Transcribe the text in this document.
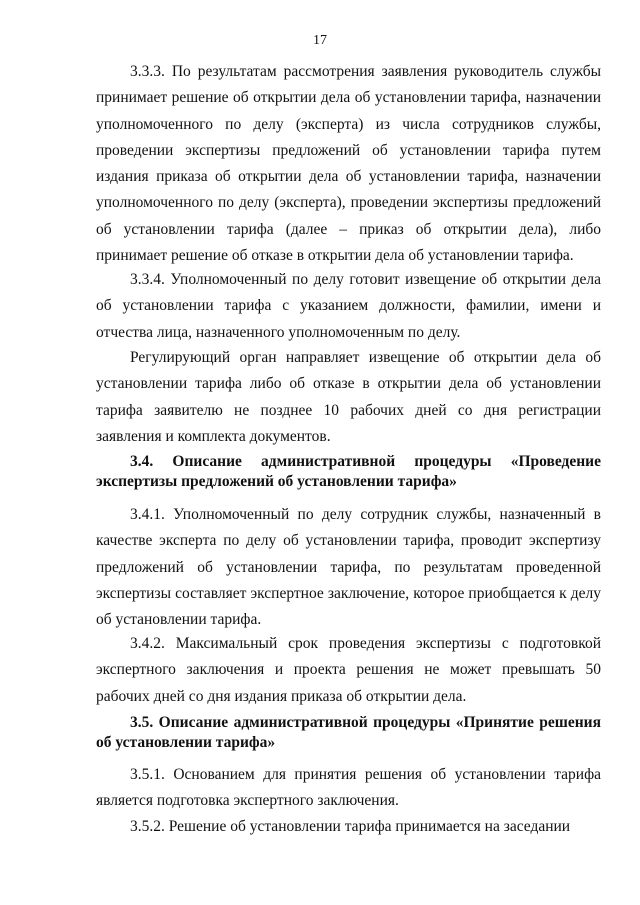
17

3.3.3. По результатам рассмотрения заявления руководитель службы принимает решение об открытии дела об установлении тарифа, назначении уполномоченного по делу (эксперта) из числа сотрудников службы, проведении экспертизы предложений об установлении тарифа путем издания приказа об открытии дела об установлении тарифа, назначении уполномоченного по делу (эксперта), проведении экспертизы предложений об установлении тарифа (далее – приказ об открытии дела), либо принимает решение об отказе в открытии дела об установлении тарифа.

3.3.4. Уполномоченный по делу готовит извещение об открытии дела об установлении тарифа с указанием должности, фамилии, имени и отчества лица, назначенного уполномоченным по делу.

Регулирующий орган направляет извещение об открытии дела об установлении тарифа либо об отказе в открытии дела об установлении тарифа заявителю не позднее 10 рабочих дней со дня регистрации заявления и комплекта документов.

3.4. Описание административной процедуры «Проведение экспертизы предложений об установлении тарифа»

3.4.1. Уполномоченный по делу сотрудник службы, назначенный в качестве эксперта по делу об установлении тарифа, проводит экспертизу предложений об установлении тарифа, по результатам проведенной экспертизы составляет экспертное заключение, которое приобщается к делу об установлении тарифа.

3.4.2. Максимальный срок проведения экспертизы с подготовкой экспертного заключения и проекта решения не может превышать 50 рабочих дней со дня издания приказа об открытии дела.

3.5. Описание административной процедуры «Принятие решения об установлении тарифа»

3.5.1. Основанием для принятия решения об установлении тарифа является подготовка экспертного заключения.

3.5.2. Решение об установлении тарифа принимается на заседании
